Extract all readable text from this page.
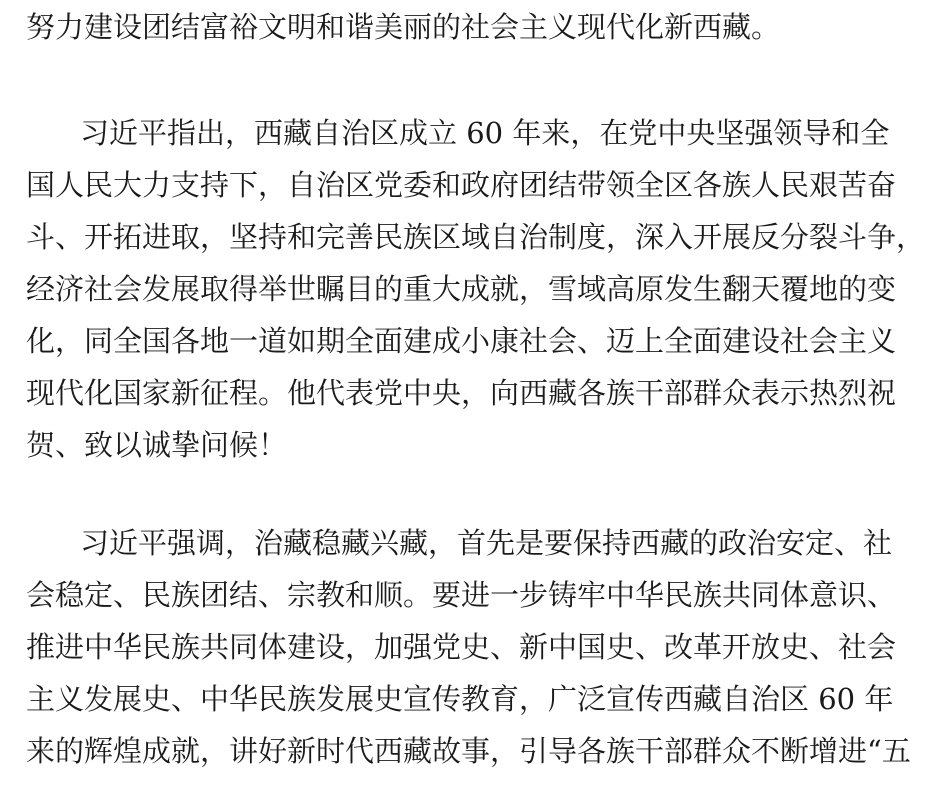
努力建设团结富裕文明和谐美丽的社会主义现代化新西藏。
习近平指出，西藏自治区成立 60 年来，在党中央坚强领导和全
国人民大力支持下，自治区党委和政府团结带领全区各族人民艰苦奋
斗、开拓进取，坚持和完善民族区域自治制度，深入开展反分裂斗争，
经济社会发展取得举世瞩目的重大成就，雪域高原发生翻天覆地的变
化，同全国各地一道如期全面建成小康社会、迈上全面建设社会主义
现代化国家新征程。他代表党中央，向西藏各族干部群众表示热烈祝
贺、致以诚挚问候！
习近平强调，治藏稳藏兴藏，首先是要保持西藏的政治安定、社
会稳定、民族团结、宗教和顺。要进一步铸牢中华民族共同体意识、
推进中华民族共同体建设，加强党史、新中国史、改革开放史、社会
主义发展史、中华民族发展史宣传教育，广泛宣传西藏自治区 60 年
来的辉煌成就，讲好新时代西藏故事，引导各族干部群众不断增进“五
